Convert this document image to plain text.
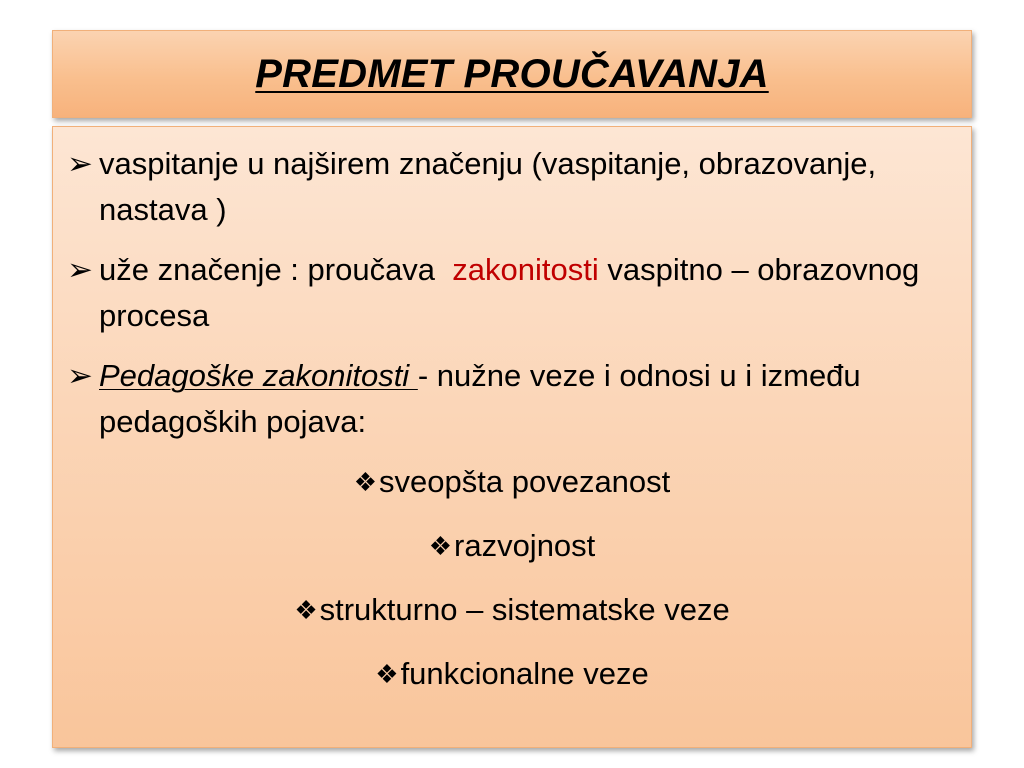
PREDMET PROUČAVANJA
➢ vaspitanje u najširem značenju (vaspitanje, obrazovanje, nastava )
➢ uže značenje : proučava  zakonitosti vaspitno – obrazovnog procesa
➢ Pedagoške zakonitosti - nužne veze i odnosi u i između pedagoških pojava:
❖sveopšta povezanost
❖razvojnost
❖strukturno – sistematske veze
❖funkcionalne veze
